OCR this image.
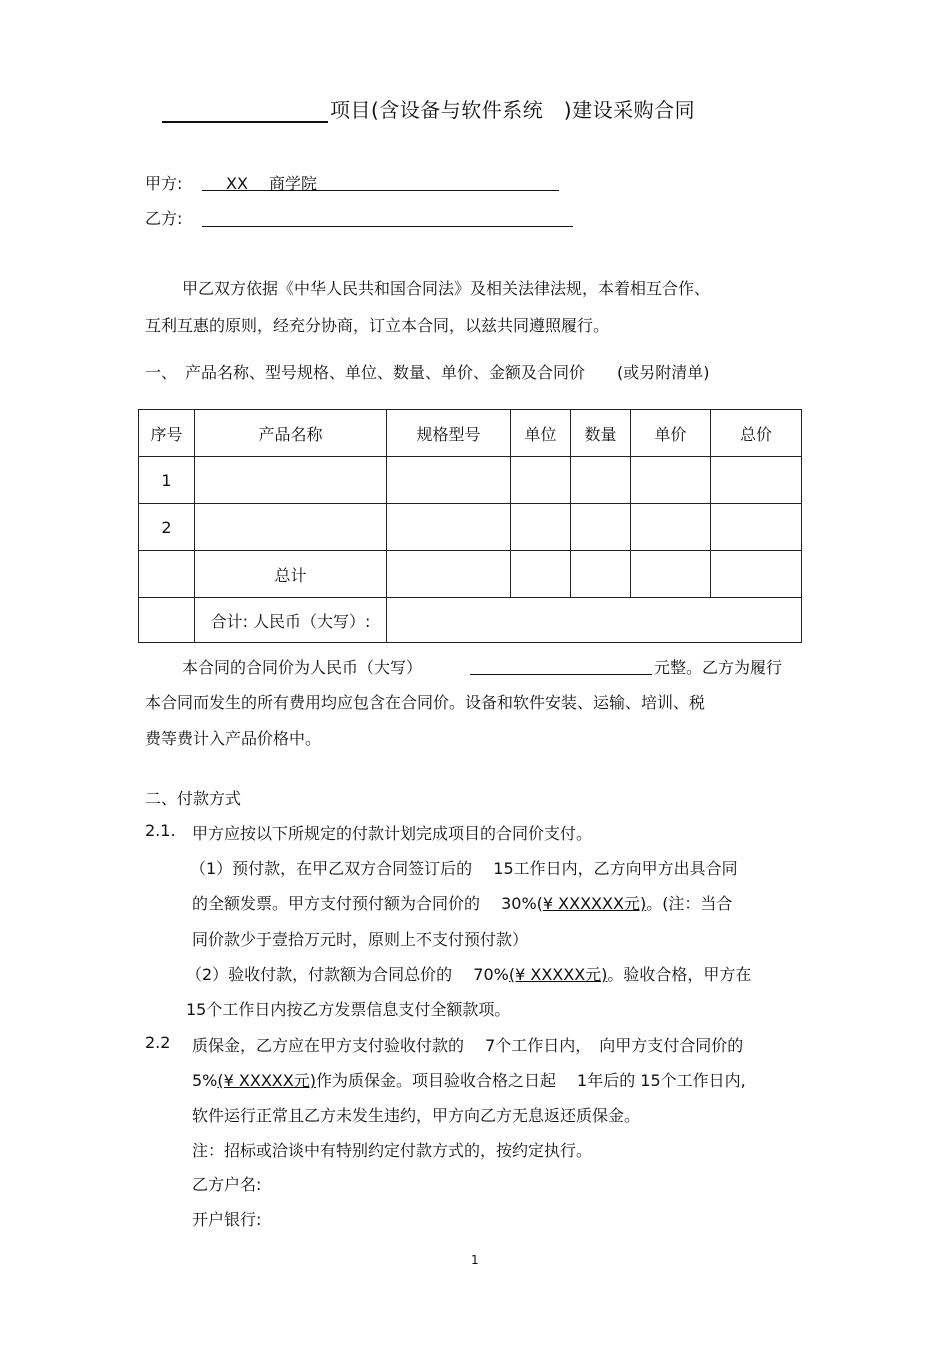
项目(含设备与软件系统　)建设采购合同
甲方:	XX　 商学院
乙方:
甲乙双方依据《中华人民共和国合同法》及相关法律法规，本着相互合作、
互利互惠的原则，经充分协商，订立本合同，以兹共同遵照履行。
一、　产品名称、型号规格、单位、数量、单价、金额及合同价　　(或另附清单)
序号	产品名称	规格型号	单位	数量	单价	总价
1						
2						
	总计					
	合计: 人民币（大写）:					
本合同的合同价为人民币（大写）	元整。乙方为履行
本合同而发生的所有费用均应包含在合同价。设备和软件安装、运输、培训、税
费等费计入产品价格中。
二、付款方式
2.1. 甲方应按以下所规定的付款计划完成项目的合同价支付。
（1）预付款，在甲乙双方合同签订后的　 15工作日内，乙方向甲方出具合同
的全额发票。甲方支付预付额为合同价的　 30%(¥ XXXXXX元)。(注：当合
同价款少于壹拾万元时，原则上不支付预付款）
（2）验收付款，付款额为合同总价的　 70%(¥ XXXXX元)。验收合格，甲方在
15个工作日内按乙方发票信息支付全额款项。
2.2 质保金，乙方应在甲方支付验收付款的　 7个工作日内，　向甲方支付合同价的
5%(¥ XXXXX元)作为质保金。项目验收合格之日起　 1年后的 15个工作日内,
软件运行正常且乙方未发生违约，甲方向乙方无息返还质保金。
注：招标或洽谈中有特别约定付款方式的，按约定执行。
乙方户名:
开户银行:
1
